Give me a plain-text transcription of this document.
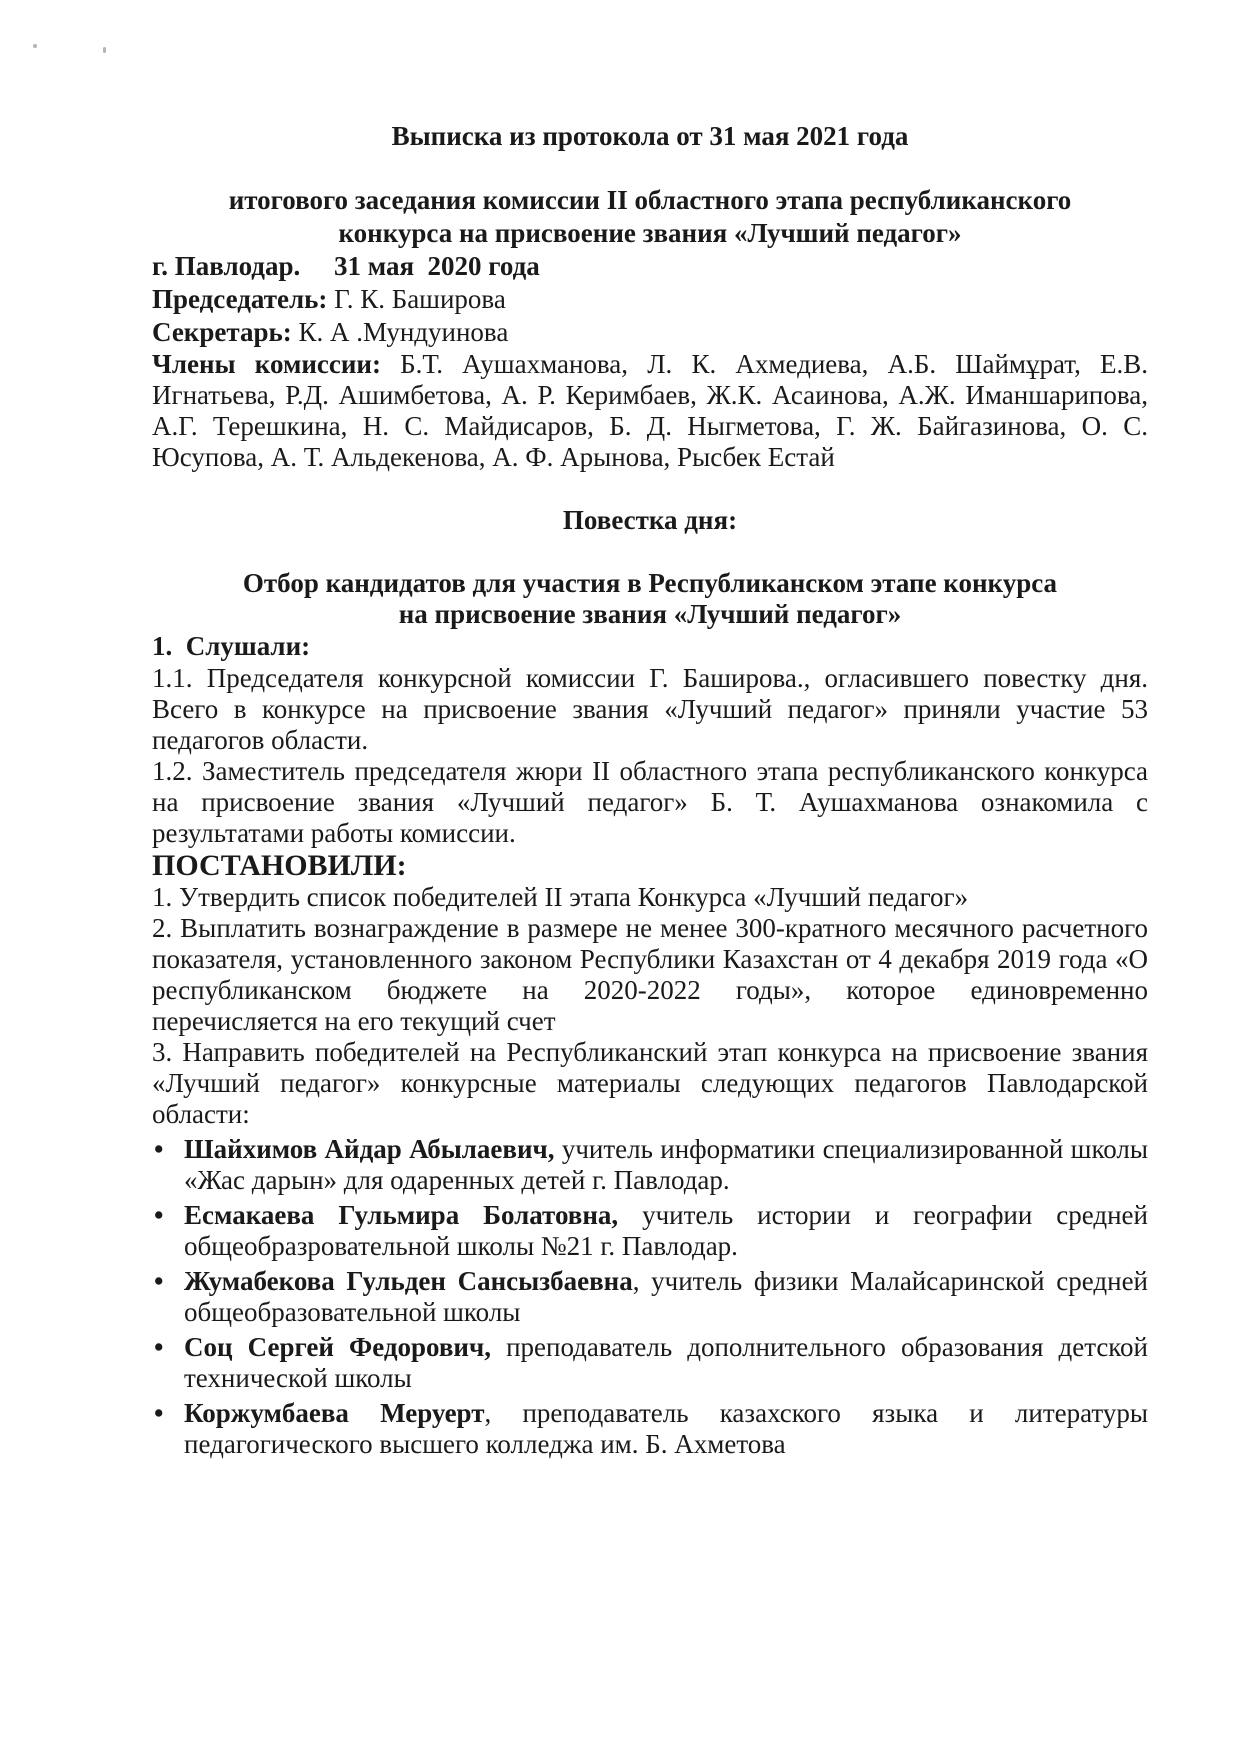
Выписка из протокола от 31 мая 2021 года

итогового заседания комиссии II областного этапа республиканского

конкурса на присвоение звания «Лучший педагог»

г. Павлодар.     31 мая  2020 года

Председатель: Г. К. Баширова

Секретарь: К. А .Мундуинова

Члены комиссии: Б.Т. Аушахманова, Л. К. Ахмедиева, А.Б. Шаймұрат, Е.В. Игнатьева, Р.Д. Ашимбетова, А. Р. Керимбаев, Ж.К. Асаинова, А.Ж. Иманшарипова, А.Г. Терешкина, Н. С. Майдисаров, Б. Д. Ныгметова, Г. Ж. Байгазинова, О. С. Юсупова, А. Т. Альдекенова, А. Ф. Арынова, Рысбек Естай

Повестка дня:

Отбор кандидатов для участия в Республиканском этапе конкурса

на присвоение звания «Лучший педагог»

1.  Слушали:

1.1. Председателя конкурсной комиссии Г. Баширова., огласившего повестку дня. Всего в конкурсе на присвоение звания «Лучший педагог» приняли участие 53 педагогов области.

1.2. Заместитель председателя жюри II областного этапа республиканского конкурса на присвоение звания «Лучший педагог» Б. Т. Аушахманова ознакомила с результатами работы комиссии.

ПОСТАНОВИЛИ:

1. Утвердить список победителей II этапа Конкурса «Лучший педагог»

2. Выплатить вознаграждение в размере не менее 300-кратного месячного расчетного показателя, установленного законом Республики Казахстан от 4 декабря 2019 года «О республиканском бюджете на 2020-2022 годы», которое единовременно перечисляется на его текущий счет

3. Направить победителей на Республиканский этап конкурса на присвоение звания «Лучший педагог» конкурсные материалы следующих педагогов Павлодарской области:

• Шайхимов Айдар Абылаевич, учитель информатики специализированной школы «Жас дарын» для одаренных детей г. Павлодар.
• Есмакаева Гульмира Болатовна, учитель истории и географии средней общеобразровательной школы №21 г. Павлодар.
• Жумабекова Гульден Сансызбаевна, учитель физики Малайсаринской средней общеобразовательной школы
• Соц Сергей Федорович, преподаватель дополнительного образования детской технической школы
• Коржумбаева Меруерт, преподаватель казахского языка и литературы педагогического высшего колледжа им. Б. Ахметова
